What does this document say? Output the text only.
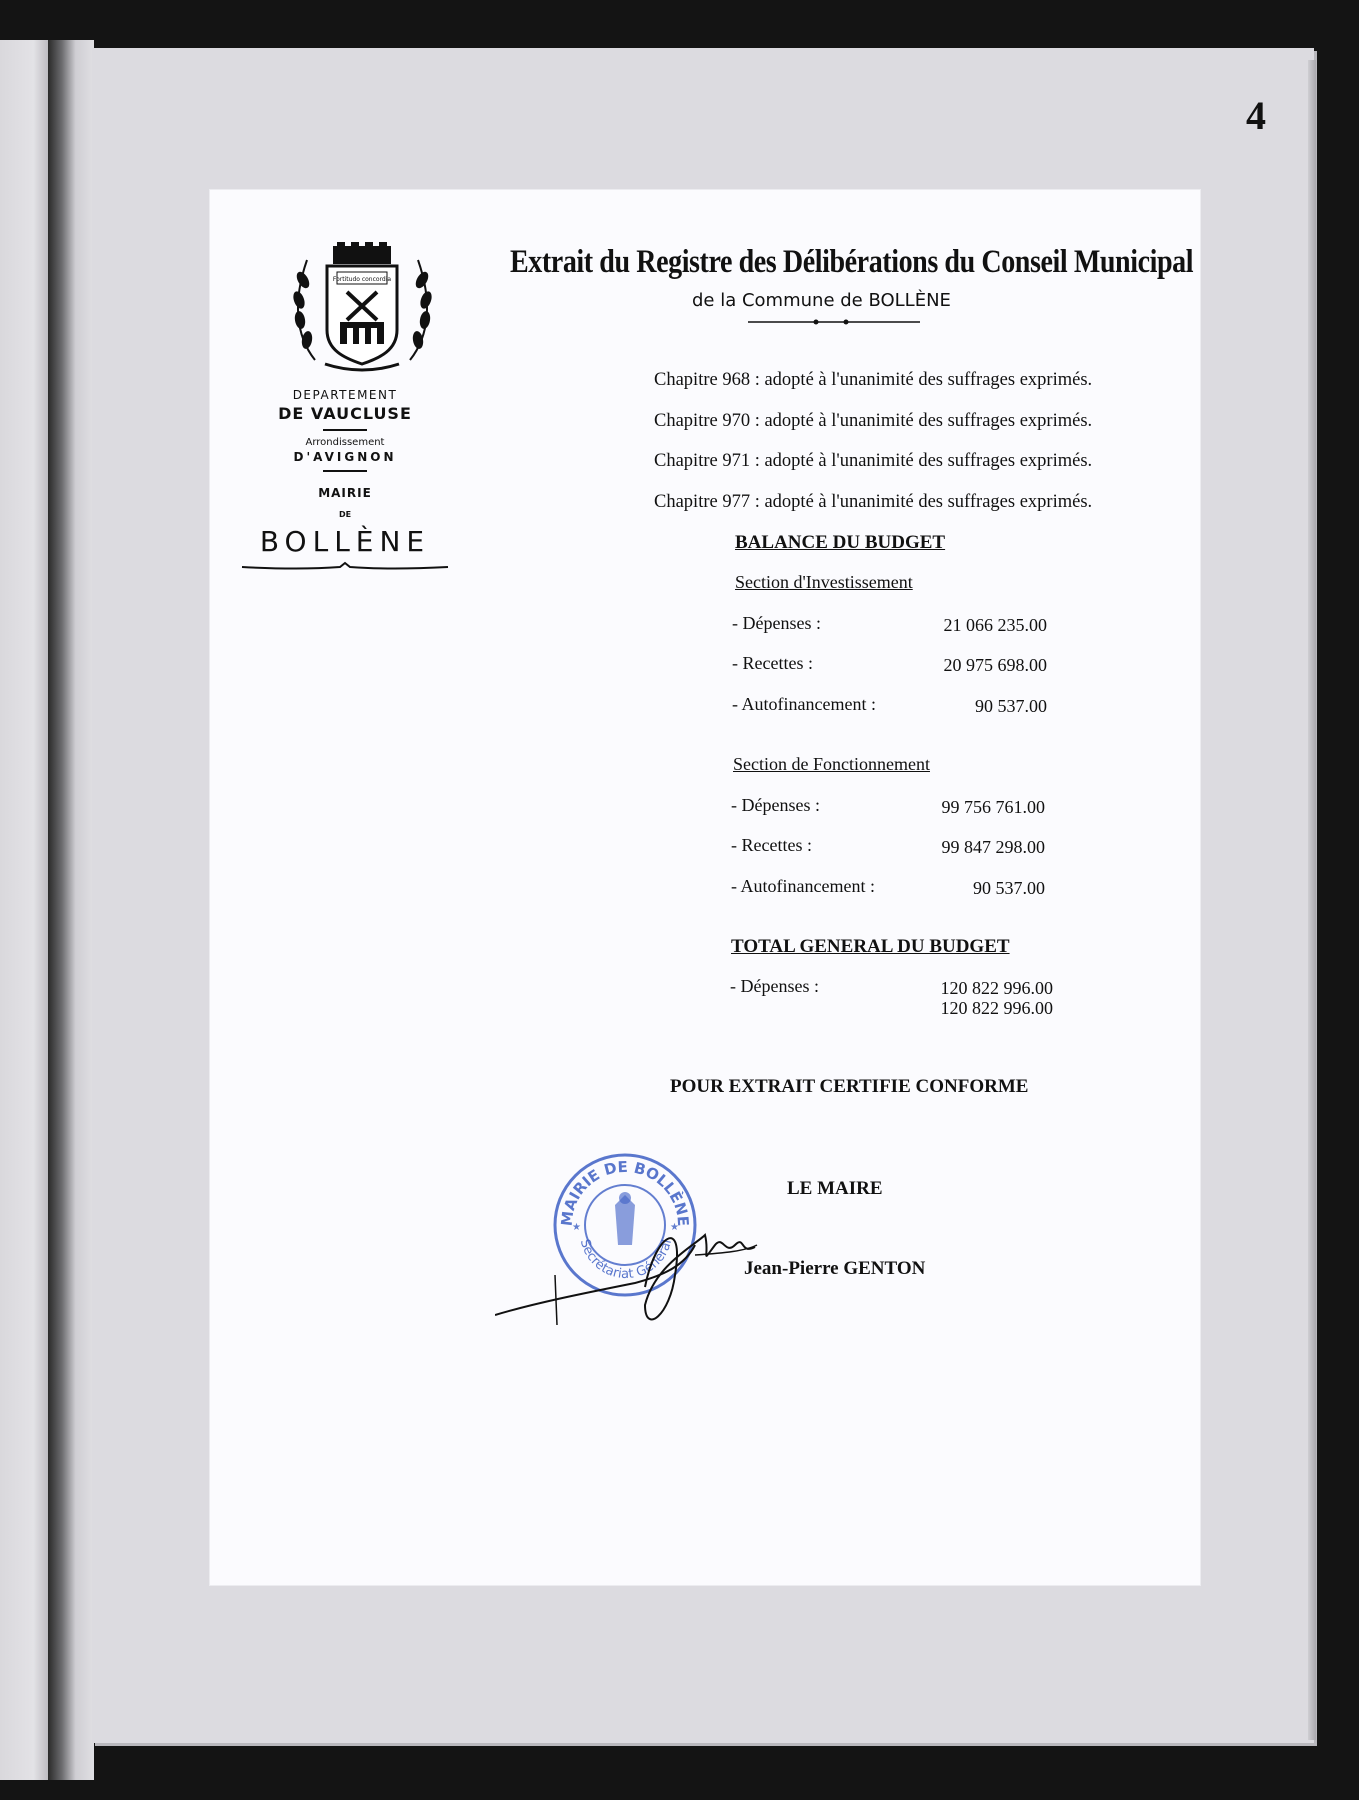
4
Fortitudo concordia
DEPARTEMENT
DE VAUCLUSE
Arrondissement
D'AVIGNON
MAIRIE
DE
BOLLÈNE
Extrait du Registre des Délibérations du Conseil Municipal
de la Commune de BOLLÈNE
Chapitre 968 : adopté à l'unanimité des suffrages exprimés.
Chapitre 970 : adopté à l'unanimité des suffrages exprimés.
Chapitre 971 : adopté à l'unanimité des suffrages exprimés.
Chapitre 977 : adopté à l'unanimité des suffrages exprimés.
BALANCE DU BUDGET
Section d'Investissement
- Dépenses :	21 066 235.00
- Recettes :	20 975 698.00
- Autofinancement :	90 537.00
Section de Fonctionnement
- Dépenses :	99 756 761.00
- Recettes :	99 847 298.00
- Autofinancement :	90 537.00
TOTAL GENERAL DU BUDGET
- Dépenses :	120 822 996.00
120 822 996.00
POUR EXTRAIT CERTIFIE CONFORME
LE MAIRE
Jean-Pierre GENTON
MAIRIE DE BOLLÈNE
Secrétariat Général
★	★
